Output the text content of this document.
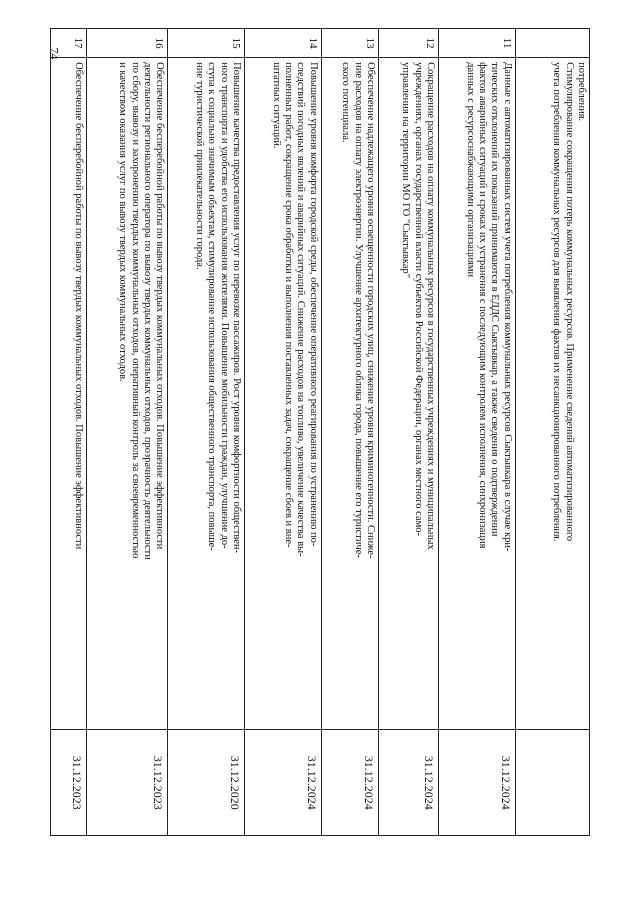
74

	потребления.
Стимулирование сокращения потерь коммунальных ресурсов. Применение сведений автоматизированного
учета потребления коммунальных ресурсов для выявления фактов их несанкционированного потребления.	

11	Данные с автоматизированных систем учета потребления коммунальных ресурсов Сыктывкара в случае кри-
тических отклонений их показаний принимаются в ЕДДС Сыктывкар, а также сведения о подтверждении
фактов аварийных ситуаций и сроках их устранения с последующим контролем исполнения, синхронизация
данных с ресурсоснабжающими организациями	31.12.2024
12	Сокращение расходов на оплату коммунальных ресурсов в государственных учреждениях и муниципальных
учреждениях, органах государственной власти субъектов Российской Федерации, органах местного само-
управления на территории МО ГО "Сыктывкар"	31.12.2024
13	Обеспечение надлежащего уровня освещенности городских улиц, снижение уровня криминогенности. Сниже-
ние расходов на оплату электроэнергии. Улучшение архитектурного облика города, повышение его туристиче-
ского потенциала.	31.12.2024
14	Повышение уровня комфорта городской среды, обеспечение оперативного реагирования по устранению по-
следствий погодных явлений и аварийных ситуаций. Снижение расходов на топливо, увеличение качества вы-
полненных работ, сокращение срока обработки и выполнения поставленных задач, сокращение сбоев и вне-
штатных ситуаций.	31.12.2024
15	Повышение качества предоставления услуг по перевозке пассажиров. Рост уровня комфортности обществен-
ного транспорта и удобства его использования жителями. Повышение мобильности граждан, улучшение до-
ступа к социально значимым объектам, стимулирование использования общественного транспорта, повыше-
ние туристической привлекательности города.	31.12.2020
16	Обеспечение бесперебойной работы по вывозу твердых коммунальных отходов. Повышение эффективности
деятельности регионального оператора по вывозу твердых коммунальных отходов, прозрачность деятельности
по сбору, вывозу и захоронению твердых коммунальных отходов, оперативный контроль за своевременностью
и качеством оказания услуг по вывозу твердых коммунальных отходов.	31.12.2023
17	Обеспечение бесперебойной работы по вывозу твердых коммунальных отходов. Повышение эффективности	31.12.2023
